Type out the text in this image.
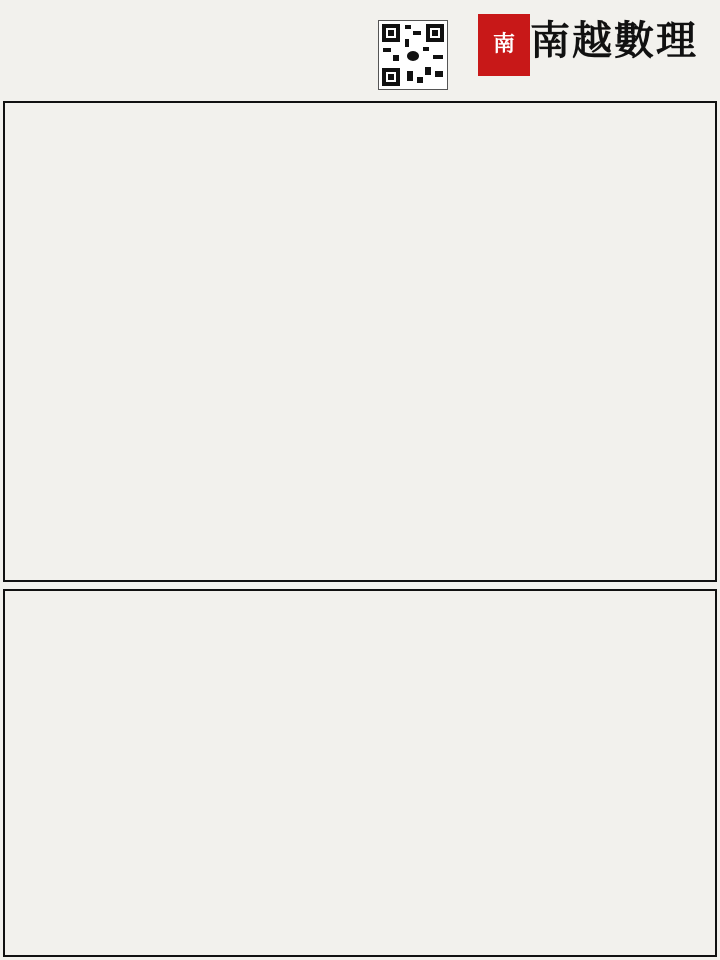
南 南越數理
